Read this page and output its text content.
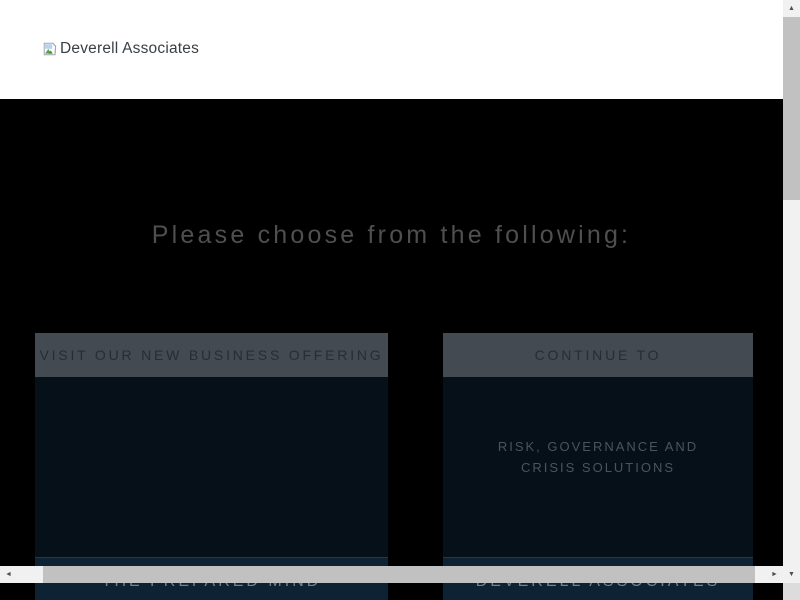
Deverell Associates
Please choose from the following:
VISIT OUR NEW BUSINESS OFFERING	CONTINUE TO
RISK, GOVERNANCE AND CRISIS SOLUTIONS
▲
▼
◄	►
